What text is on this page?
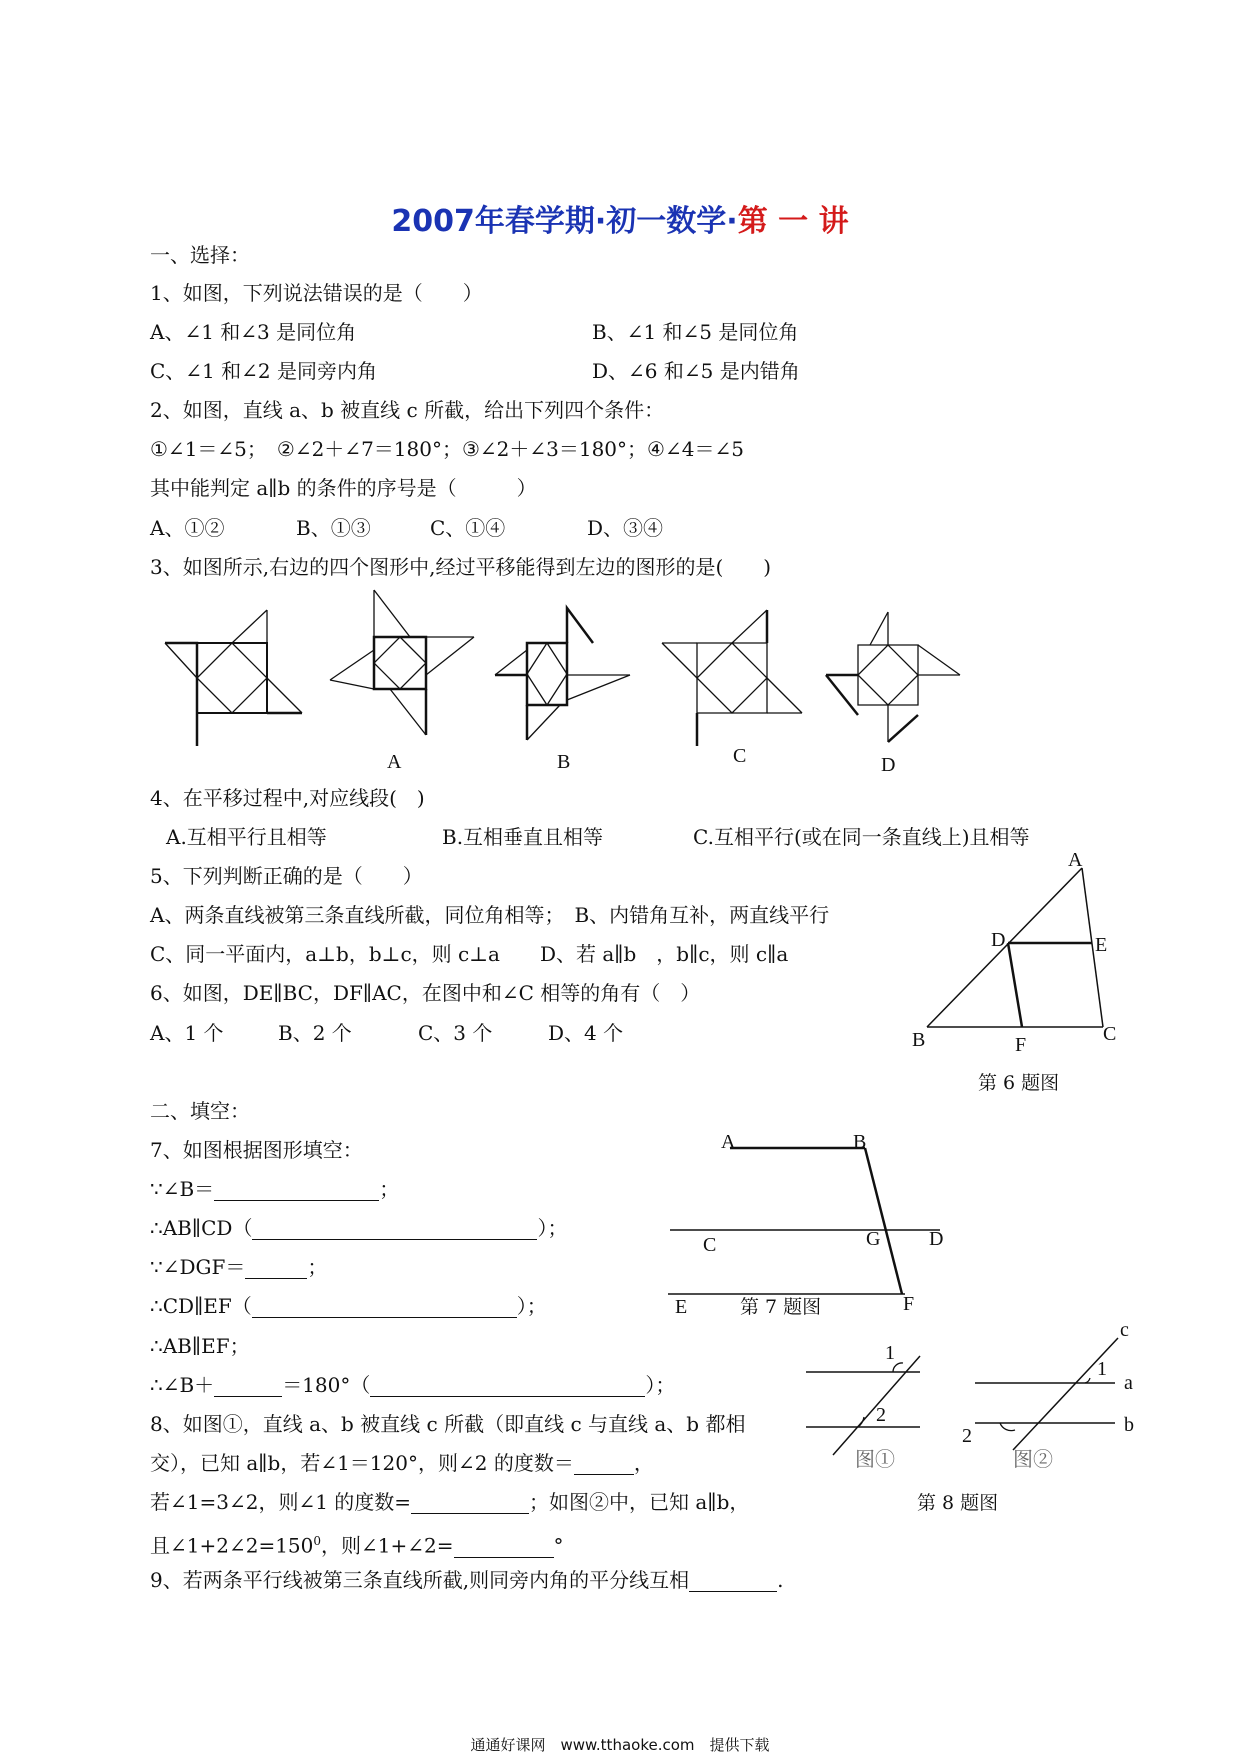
2007年春学期·初一数学·第 一 讲
一、选择：
1、如图，下列说法错误的是（　　）
A、∠1 和∠3 是同位角	B、∠1 和∠5 是同位角
C、∠1 和∠2 是同旁内角	D、∠6 和∠5 是内错角
2、如图，直线 a、b 被直线 c 所截，给出下列四个条件：
①∠1＝∠5；　②∠2＋∠7＝180°；③∠2＋∠3＝180°；④∠4＝∠5
其中能判定 a∥b 的条件的序号是（　　　）
A、①②	B、①③	C、①④	D、③④
3、如图所示,右边的四个图形中,经过平移能得到左边的图形的是(　　)
A	B	C	D
4、在平移过程中,对应线段(　)
A.互相平行且相等	B.互相垂直且相等	C.互相平行(或在同一条直线上)且相等
5、下列判断正确的是（　　）
A、两条直线被第三条直线所截，同位角相等；　B、内错角互补，两直线平行
C、同一平面内，a⊥b，b⊥c，则 c⊥a　　D、若 a∥b　，b∥c，则 c∥a
6、如图，DE∥BC，DF∥AC，在图中和∠C 相等的角有（　）
A、1 个	B、2 个	C、3 个	D、4 个
A
D	E
B	F	C
第 6 题图
二、填空：
7、如图根据图形填空：
∵∠B＝	；
∴AB∥CD（	）；
∵∠DGF＝	；
∴CD∥EF（	）；
∴AB∥EF；
∴∠B＋	＝180°（	）；
A	B
C	G D
E	F
第 7 题图
8、如图①，直线 a、b 被直线 c 所截（即直线 c 与直线 a、b 都相
交），已知 a∥b，若∠1＝120°，则∠2 的度数＝	，
若∠1=3∠2，则∠1 的度数=	；如图②中，已知 a∥b，
且$\angle 1+2\angle 2=150^0$，则∠1+∠2=	°
1
2
图①
c
1
a
b
2
图②
第 8 题图
9、若两条平行线被第三条直线所截,则同旁内角的平分线互相	.
通通好课网　www.tthaoke.com　提供下载
